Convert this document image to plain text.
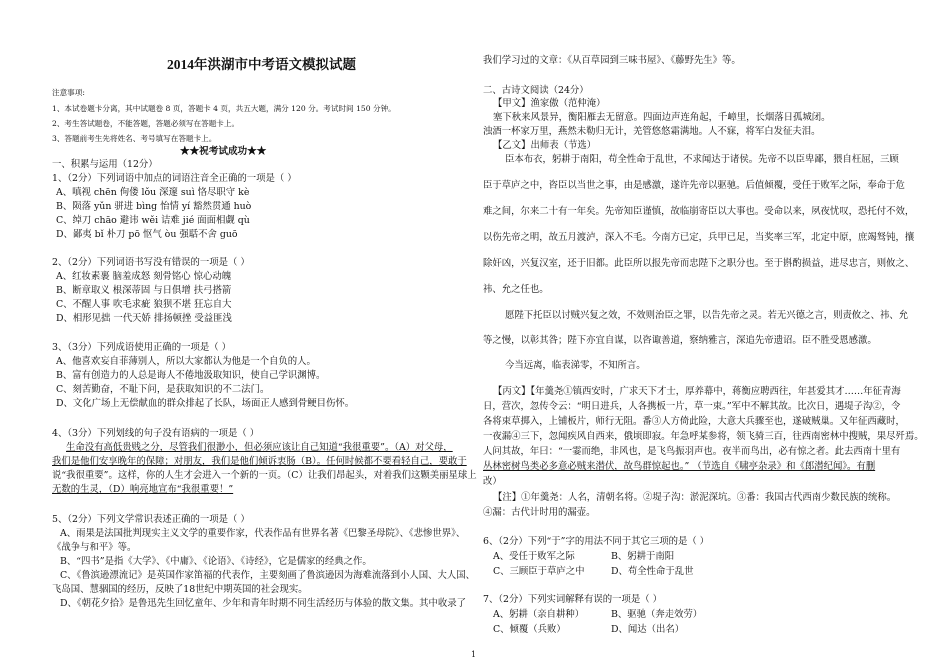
2014年洪湖市中考语文模拟试题
注意事项:
1、本试卷题卡分离，其中试题卷 8 页，答题卡 4 页，共五大题，满分 120 分。考试时间 150 分钟。
2、考生答试题卷，不能答题，答题必须写在答题卡上。
3、答题前考生先将姓名、考号填写在答题卡上。
★★祝考试成功★★
一、积累与运用（12分）
1、（2分）下列词语中加点的词语注音全正确的一项是（ ）
A、嗔视 chēn 佝偻 lǒu 深邃 suì 恪尽职守 kè
B、陨落 yǔn 骈进 bìng 怡情 yí 豁然贯通 huò
C、绰刀 chāo 避讳 wěi 诘难 jié 面面相觑 qù
D、鄙夷 bǐ 朴刀 pō 怄气 òu 强聒不舍 guō
2、（2分）下列词语书写没有错误的一项是（ ）
A、红妆素裹 脑羞成怒 刻骨铭心 惊心动魄
B、断章取义 根深蒂固 与日俱增 扶弓搭箭
C、不醒人事 吹毛求疵 狼狈不堪 狂忘自大
D、相形见拙 一代天娇 排扬顿挫 受益匪浅
3、（3分）下列成语使用正确的一项是（ ）
A、他喜欢妄自菲薄别人，所以大家都认为他是一个自负的人。
B、富有创造力的人总是诲人不倦地汲取知识，使自己学识渊博。
C、刻苦勤奋，不耻下问，是获取知识的不二法门。
D、文化广场上无偿献血的群众排起了长队，场面正人感到骨鲠目伤怀。
4、（3分）下列划线的句子没有语病的一项是（ ）
生命没有高低贵贱之分，尽管我们很渺小，但必须应该让自己知道“我很重要”。（A）对父母，
我们是他们安享晚年的保障；对朋友，我们是他们倾诉衷肠（B）。任何时候都不要看轻自己，要敢于
说“我很重要”。这样，你的人生才会进入一个新的一页。（C）让我们昂起头，对着我们这颗美丽星球上
无数的生灵，（D）响亮地宣布“我很重要！”
5、（2分）下列文学常识表述正确的一项是（ ）
A、雨果是法国批判现实主义文学的重要作家，代表作品有世界名著《巴黎圣母院》、《悲惨世界》、
《战争与和平》等。
B、“四书”是指《大学》、《中庸》、《论语》、《诗经》，它是儒家的经典之作。
C、《鲁滨逊漂流记》是英国作家笛福的代表作，主要刻画了鲁滨逊因为海难流落到小人国、大人国、
飞岛国、慧骃国的经历，反映了18世纪中期英国的社会现实。
D、《朝花夕拾》是鲁迅先生回忆童年、少年和青年时期不同生活经历与体验的散文集。其中收录了
我们学习过的文章：《从百草园到三味书屋》、《藤野先生》等。
二、古诗文阅读（24分）
【甲文】渔家傲（范仲淹）
塞下秋来风景异，衡阳雁去无留意。四面边声连角起，千嶂里，长烟落日孤城闭。
浊酒一杯家万里，燕然未勒归无计，羌管悠悠霜满地。人不寐，将军白发征夫泪。
【乙文】出师表（节选）
臣本布衣，躬耕于南阳，苟全性命于乱世，不求闻达于诸侯。先帝不以臣卑鄙，猥自枉屈，三顾
臣于草庐之中，咨臣以当世之事，由是感激，遂许先帝以驱驰。后值倾覆，受任于败军之际，奉命于危
难之间，尔来二十有一年矣。先帝知臣谨慎，故临崩寄臣以大事也。受命以来，夙夜忧叹，恐托付不效，
以伤先帝之明，故五月渡泸，深入不毛。今南方已定，兵甲已足，当奖率三军，北定中原，庶竭驽钝，攘
除奸凶，兴复汉室，还于旧都。此臣所以报先帝而忠陛下之职分也。至于斟酌损益，进尽忠言，则攸之、
祎、允之任也。
愿陛下托臣以讨贼兴复之效，不效则治臣之罪，以告先帝之灵。若无兴德之言，则责攸之、祎、允
等之慢，以彰其咎；陛下亦宜自谋，以咨诹善道，察纳雅言，深追先帝遗诏。臣不胜受恩感激。
今当远离，临表涕零，不知所言。
【丙文】【年羹尧①镇西安时，广求天下才士，厚养幕中，蒋衡应聘西往，年甚爱其才……年征青海
日，营次，忽传令云：“明日进兵，人各携板一片，草一束。”军中不解其故。比次日，遇堤子沟②，令
各将束草掷入，上铺板片，师行无阻。番③人方倚此险，大意大兵骤至也，遂破贼巢。又年征西藏时，
一夜漏④三下，忽闻疾风自西来，俄顷即寂。年急呼某参将，领飞骑三百，往西南密林中搜贼，果尽歼焉。
人问其故，年曰：“一霎而绝，非风也，是飞鸟振羽声也。夜半而鸟出，必有惊之者。此去西南十里有
丛林密树鸟类必多意必贼来潜伏，故鸟群惊起也。” （节选自《啸亭杂录》和《郎潜纪闻》。有删
改）
【注】①年羹尧：人名，清朝名将。②堤子沟：淤泥深坑。③番：我国古代西南少数民族的统称。
④漏：古代计时用的漏壶。
6、（2分）下列“于”字的用法不同于其它三项的是（ ）
A、受任于败军之际	B、躬耕于南阳
C、三顾臣于草庐之中	D、苟全性命于乱世
7、（2分）下列实词解释有误的一项是（ ）
A、躬耕（亲自耕种）	B、驱驰（奔走效劳）
C、倾覆（兵败）	D、闻达（出名）
1
